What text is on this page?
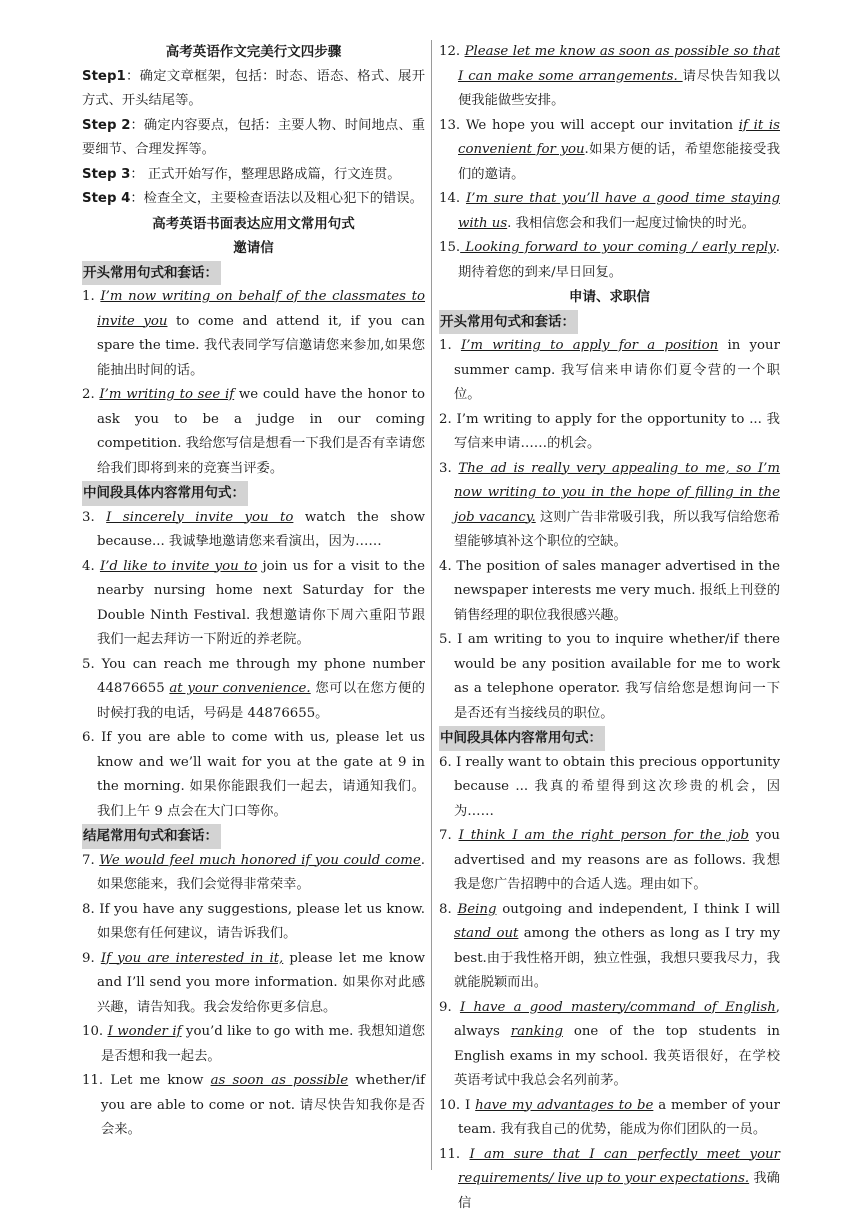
高考英语作文完美行文四步骤

Step1：确定文章框架，包括：时态、语态、格式、展开方式、开头结尾等。

Step 2：确定内容要点，包括：主要人物、时间地点、重要细节、合理发挥等。

Step 3： 正式开始写作，整理思路成篇，行文连贯。

Step 4：检查全文，主要检查语法以及粗心犯下的错误。

高考英语书面表达应用文常用句式

邀请信

开头常用句式和套话：

1. I’m now writing on behalf of the classmates to invite you to come and attend it, if you can spare the time. 我代表同学写信邀请您来参加,如果您能抽出时间的话。

2. I’m writing to see if we could have the honor to ask you to be a judge in our coming competition. 我给您写信是想看一下我们是否有幸请您给我们即将到来的竞赛当评委。

中间段具体内容常用句式：

3. I sincerely invite you to watch the show because... 我诚挚地邀请您来看演出，因为……

4. I’d like to invite you to join us for a visit to the nearby nursing home next Saturday for the Double Ninth Festival. 我想邀请你下周六重阳节跟我们一起去拜访一下附近的养老院。

5. You can reach me through my phone number 44876655 at your convenience. 您可以在您方便的时候打我的电话，号码是 44876655。

6. If you are able to come with us, please let us know and we’ll wait for you at the gate at 9 in the morning. 如果你能跟我们一起去，请通知我们。我们上午 9 点会在大门口等你。

结尾常用句式和套话：

7. We would feel much honored if you could come. 如果您能来，我们会觉得非常荣幸。

8. If you have any suggestions, please let us know. 如果您有任何建议，请告诉我们。

9. If you are interested in it, please let me know and I’ll send you more information. 如果你对此感兴趣，请告知我。我会发给你更多信息。

10. I wonder if you’d like to go with me. 我想知道您是否想和我一起去。

11. Let me know as soon as possible whether/if you are able to come or not. 请尽快告知我你是否会来。

12. Please let me know as soon as possible so that I can make some arrangements. 请尽快告知我以便我能做些安排。

13. We hope you will accept our invitation if it is convenient for you.如果方便的话，希望您能接受我们的邀请。

14. I’m sure that you’ll have a good time staying with us. 我相信您会和我们一起度过愉快的时光。

15. Looking forward to your coming / early reply. 期待着您的到来/早日回复。

申请、求职信

开头常用句式和套话：

1. I’m writing to apply for a position in your summer camp. 我写信来申请你们夏令营的一个职位。

2. I’m writing to apply for the opportunity to ... 我写信来申请……的机会。

3. The ad is really very appealing to me, so I’m now writing to you in the hope of filling in the job vacancy. 这则广告非常吸引我，所以我写信给您希望能够填补这个职位的空缺。

4. The position of sales manager advertised in the newspaper interests me very much. 报纸上刊登的销售经理的职位我很感兴趣。

5. I am writing to you to inquire whether/if there would be any position available for me to work as a telephone operator. 我写信给您是想询问一下是否还有当接线员的职位。

中间段具体内容常用句式：

6. I really want to obtain this precious opportunity because ... 我真的希望得到这次珍贵的机会，因为……

7. I think I am the right person for the job you advertised and my reasons are as follows. 我想我是您广告招聘中的合适人选。理由如下。

8. Being outgoing and independent, I think I will stand out among the others as long as I try my best.由于我性格开朗，独立性强，我想只要我尽力，我就能脱颖而出。

9. I have a good mastery/command of English, always ranking one of the top students in English exams in my school. 我英语很好，在学校英语考试中我总会名列前茅。

10. I have my advantages to be a member of your team. 我有我自己的优势，能成为你们团队的一员。

11. I am sure that I can perfectly meet your requirements/ live up to your expectations. 我确信
